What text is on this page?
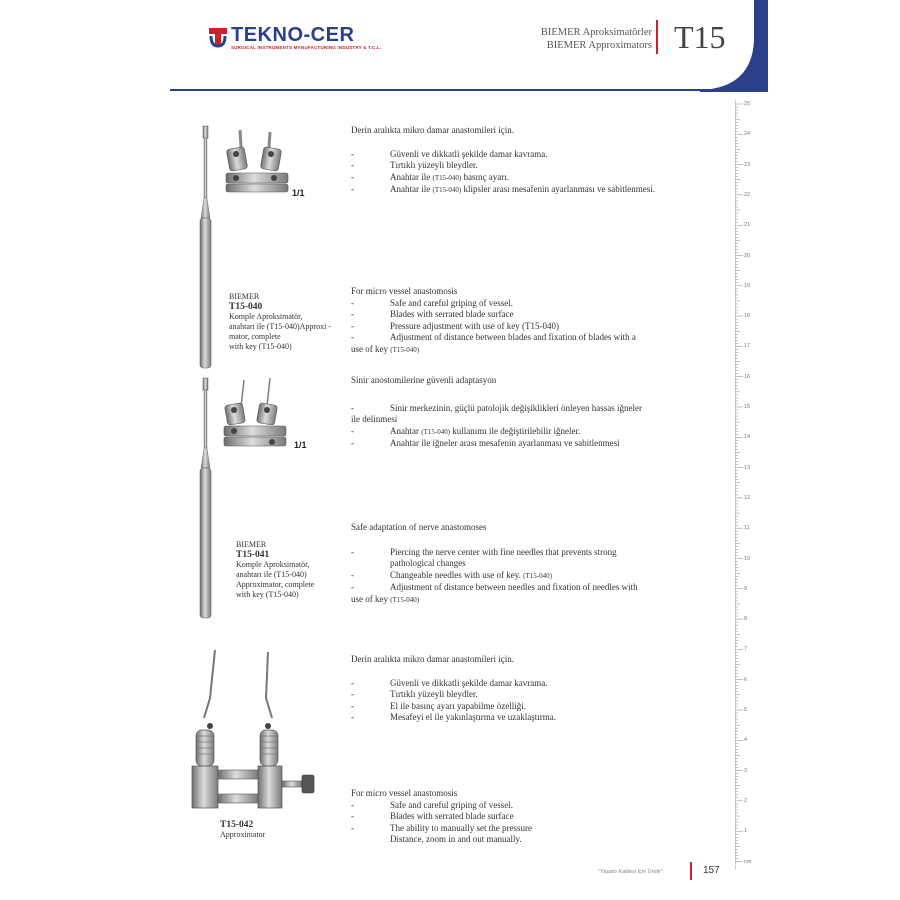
TEKNO-CER
SURGICAL INSTRUMENTS MANUFACTURING INDUSTRY & T.C.L.
BIEMER Aproksimatörler
BIEMER Approximators T15
25
24
23
22
21
20
19
18
17
16
15
14
13
12
11
10
9
8
7
6
5
4
3
2
1
cm
1/1
BIEMER
T15-040
Komple Aproksimatör,
anahtarı ile (T15-040)Approxi -
mator, complete
with key (T15-040)
Derin aralıkta mikro damar anastomileri için.
-	Güvenli ve dikkatli şekilde damar kavrama.
-	Tırtıklı yüzeyli bleydler.
-	Anahtar ile (T15-040) basınç ayarı.
-	Anahtar ile (T15-040) klipsler arası mesafenin ayarlanması ve sabitlenmesi.
For micro vessel anastomosis
-	Safe and careful griping of vessel.
-	Blades with serrated blade surface
-	Pressure adjustment with use of key (T15-040)
-	Adjustment of distance between blades and fixation of blades with a
use of key (T15-040)
1/1
BIEMER
T15-041
Komple Aproksimatör,
anahtarı ile (T15-040)
Approximator, complete
with key (T15-040)
Sinir anostomilerine güvenli adaptasyon
-	Sinir merkezinin, güçlü patolojik değişiklikleri önleyen hassas iğneler
ile delinmesi
-	Anahtar (T15-040) kullanımı ile değiştirilebilir iğneler.
-	Anahtar ile iğneler arası mesafenin ayarlanması ve sabitlenmesi
Safe adaptation of nerve anastomoses
-	Piercing the nerve center with fine needles that prevents strong
pathological changes
-	Changeable needles with use of key. (T15-040)
-	Adjustment of distance between needles and fixation of needles with
use of key (T15-040)
T15-042
Approximator
Derin aralıkta mikro damar anastomileri için.
-	Güvenli ve dikkatli şekilde damar kavrama.
-	Tırtıklı yüzeyli bleydler.
-	El ile basınç ayarı yapabilme özelliği.
-	Mesafeyi el ile yakınlaştırma ve uzaklaştırma.
For micro vessel anastomosis
-	Safe and careful griping of vessel.
-	Blades with serrated blade surface
-	The ability to manually set the pressure
Distance, zoom in and out manually.
"Yaşam Kalitesi İçin Üretir"	157
